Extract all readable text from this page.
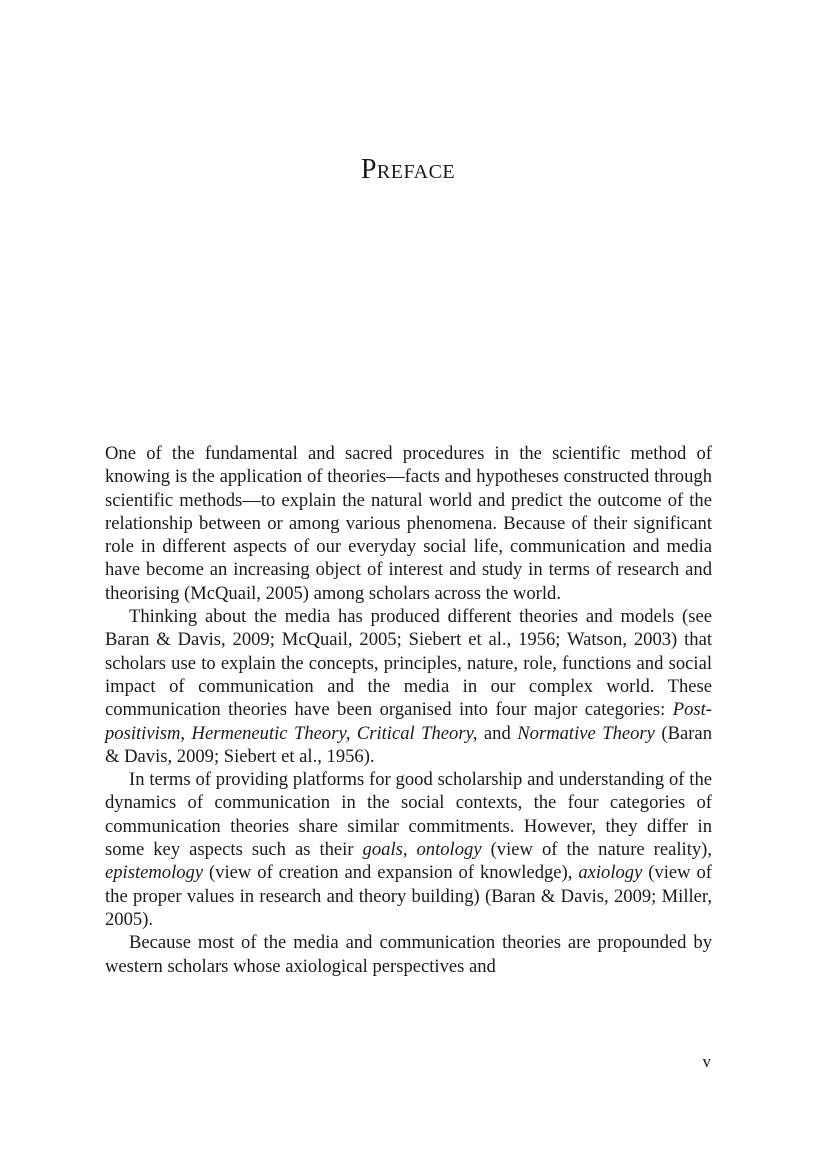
Preface

One of the fundamental and sacred procedures in the scientific method of knowing is the application of theories—facts and hypotheses constructed through scientific methods—to explain the natural world and predict the outcome of the relationship between or among various phenomena. Because of their significant role in different aspects of our everyday social life, communication and media have become an increasing object of interest and study in terms of research and theorising (McQuail, 2005) among scholars across the world.

Thinking about the media has produced different theories and models (see Baran & Davis, 2009; McQuail, 2005; Siebert et al., 1956; Watson, 2003) that scholars use to explain the concepts, principles, nature, role, functions and social impact of communication and the media in our complex world. These communication theories have been organised into four major categories: Post-positivism, Hermeneutic Theory, Critical Theory, and Normative Theory (Baran & Davis, 2009; Siebert et al., 1956).

In terms of providing platforms for good scholarship and understanding of the dynamics of communication in the social contexts, the four categories of communication theories share similar commitments. However, they differ in some key aspects such as their goals, ontology (view of the nature reality), epistemology (view of creation and expansion of knowledge), axiology (view of the proper values in research and theory building) (Baran & Davis, 2009; Miller, 2005).

Because most of the media and communication theories are propounded by western scholars whose axiological perspectives and

v
